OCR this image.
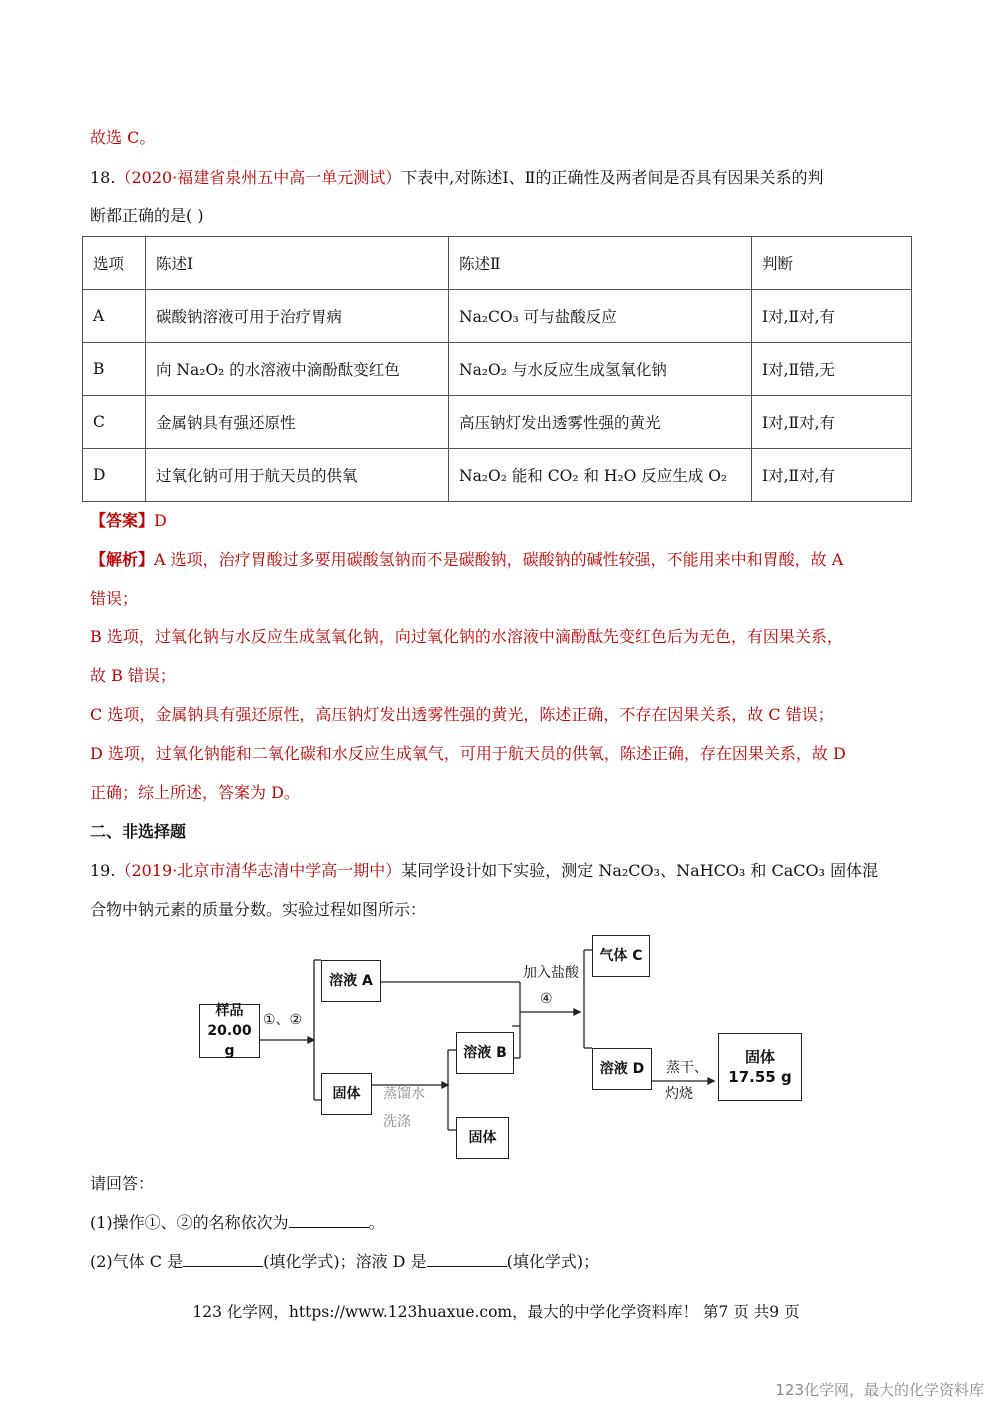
故选 C。
18.（2020·福建省泉州五中高一单元测试）下表中,对陈述Ⅰ、Ⅱ的正确性及两者间是否具有因果关系的判
断都正确的是( )
选项	陈述Ⅰ	陈述Ⅱ	判断
A	碳酸钠溶液可用于治疗胃病	Na₂CO₃ 可与盐酸反应	Ⅰ对,Ⅱ对,有
B	向 Na₂O₂ 的水溶液中滴酚酞变红色	Na₂O₂ 与水反应生成氢氧化钠	Ⅰ对,Ⅱ错,无
C	金属钠具有强还原性	高压钠灯发出透雾性强的黄光	Ⅰ对,Ⅱ对,有
D	过氧化钠可用于航天员的供氧	Na₂O₂ 能和 CO₂ 和 H₂O 反应生成 O₂	Ⅰ对,Ⅱ对,有
【答案】D
【解析】A 选项，治疗胃酸过多要用碳酸氢钠而不是碳酸钠，碳酸钠的碱性较强，不能用来中和胃酸，故 A
错误；
B 选项，过氧化钠与水反应生成氢氧化钠，向过氧化钠的水溶液中滴酚酞先变红色后为无色，有因果关系，
故 B 错误；
C 选项，金属钠具有强还原性，高压钠灯发出透雾性强的黄光，陈述正确，不存在因果关系，故 C 错误；
D 选项，过氧化钠能和二氧化碳和水反应生成氧气，可用于航天员的供氧，陈述正确，存在因果关系，故 D
正确；综上所述，答案为 D。
二、非选择题
19.（2019·北京市清华志清中学高一期中）某同学设计如下实验，测定 Na₂CO₃、NaHCO₃ 和 CaCO₃ 固体混
合物中钠元素的质量分数。实验过程如图所示：
样品
20.00 g
①、②
溶液 A
固体	蒸馏水
洗涤
溶液 B
固体
加入盐酸
④
气体 C
溶液 D	蒸干、
灼烧
固体
17.55 g
请回答：
(1)操作①、②的名称依次为	。
(2)气体 C 是	(填化学式)；溶液 D 是	(填化学式)；
123 化学网，https://www.123huaxue.com，最大的中学化学资料库！ 第7 页 共9 页
123化学网，最大的化学资料库
